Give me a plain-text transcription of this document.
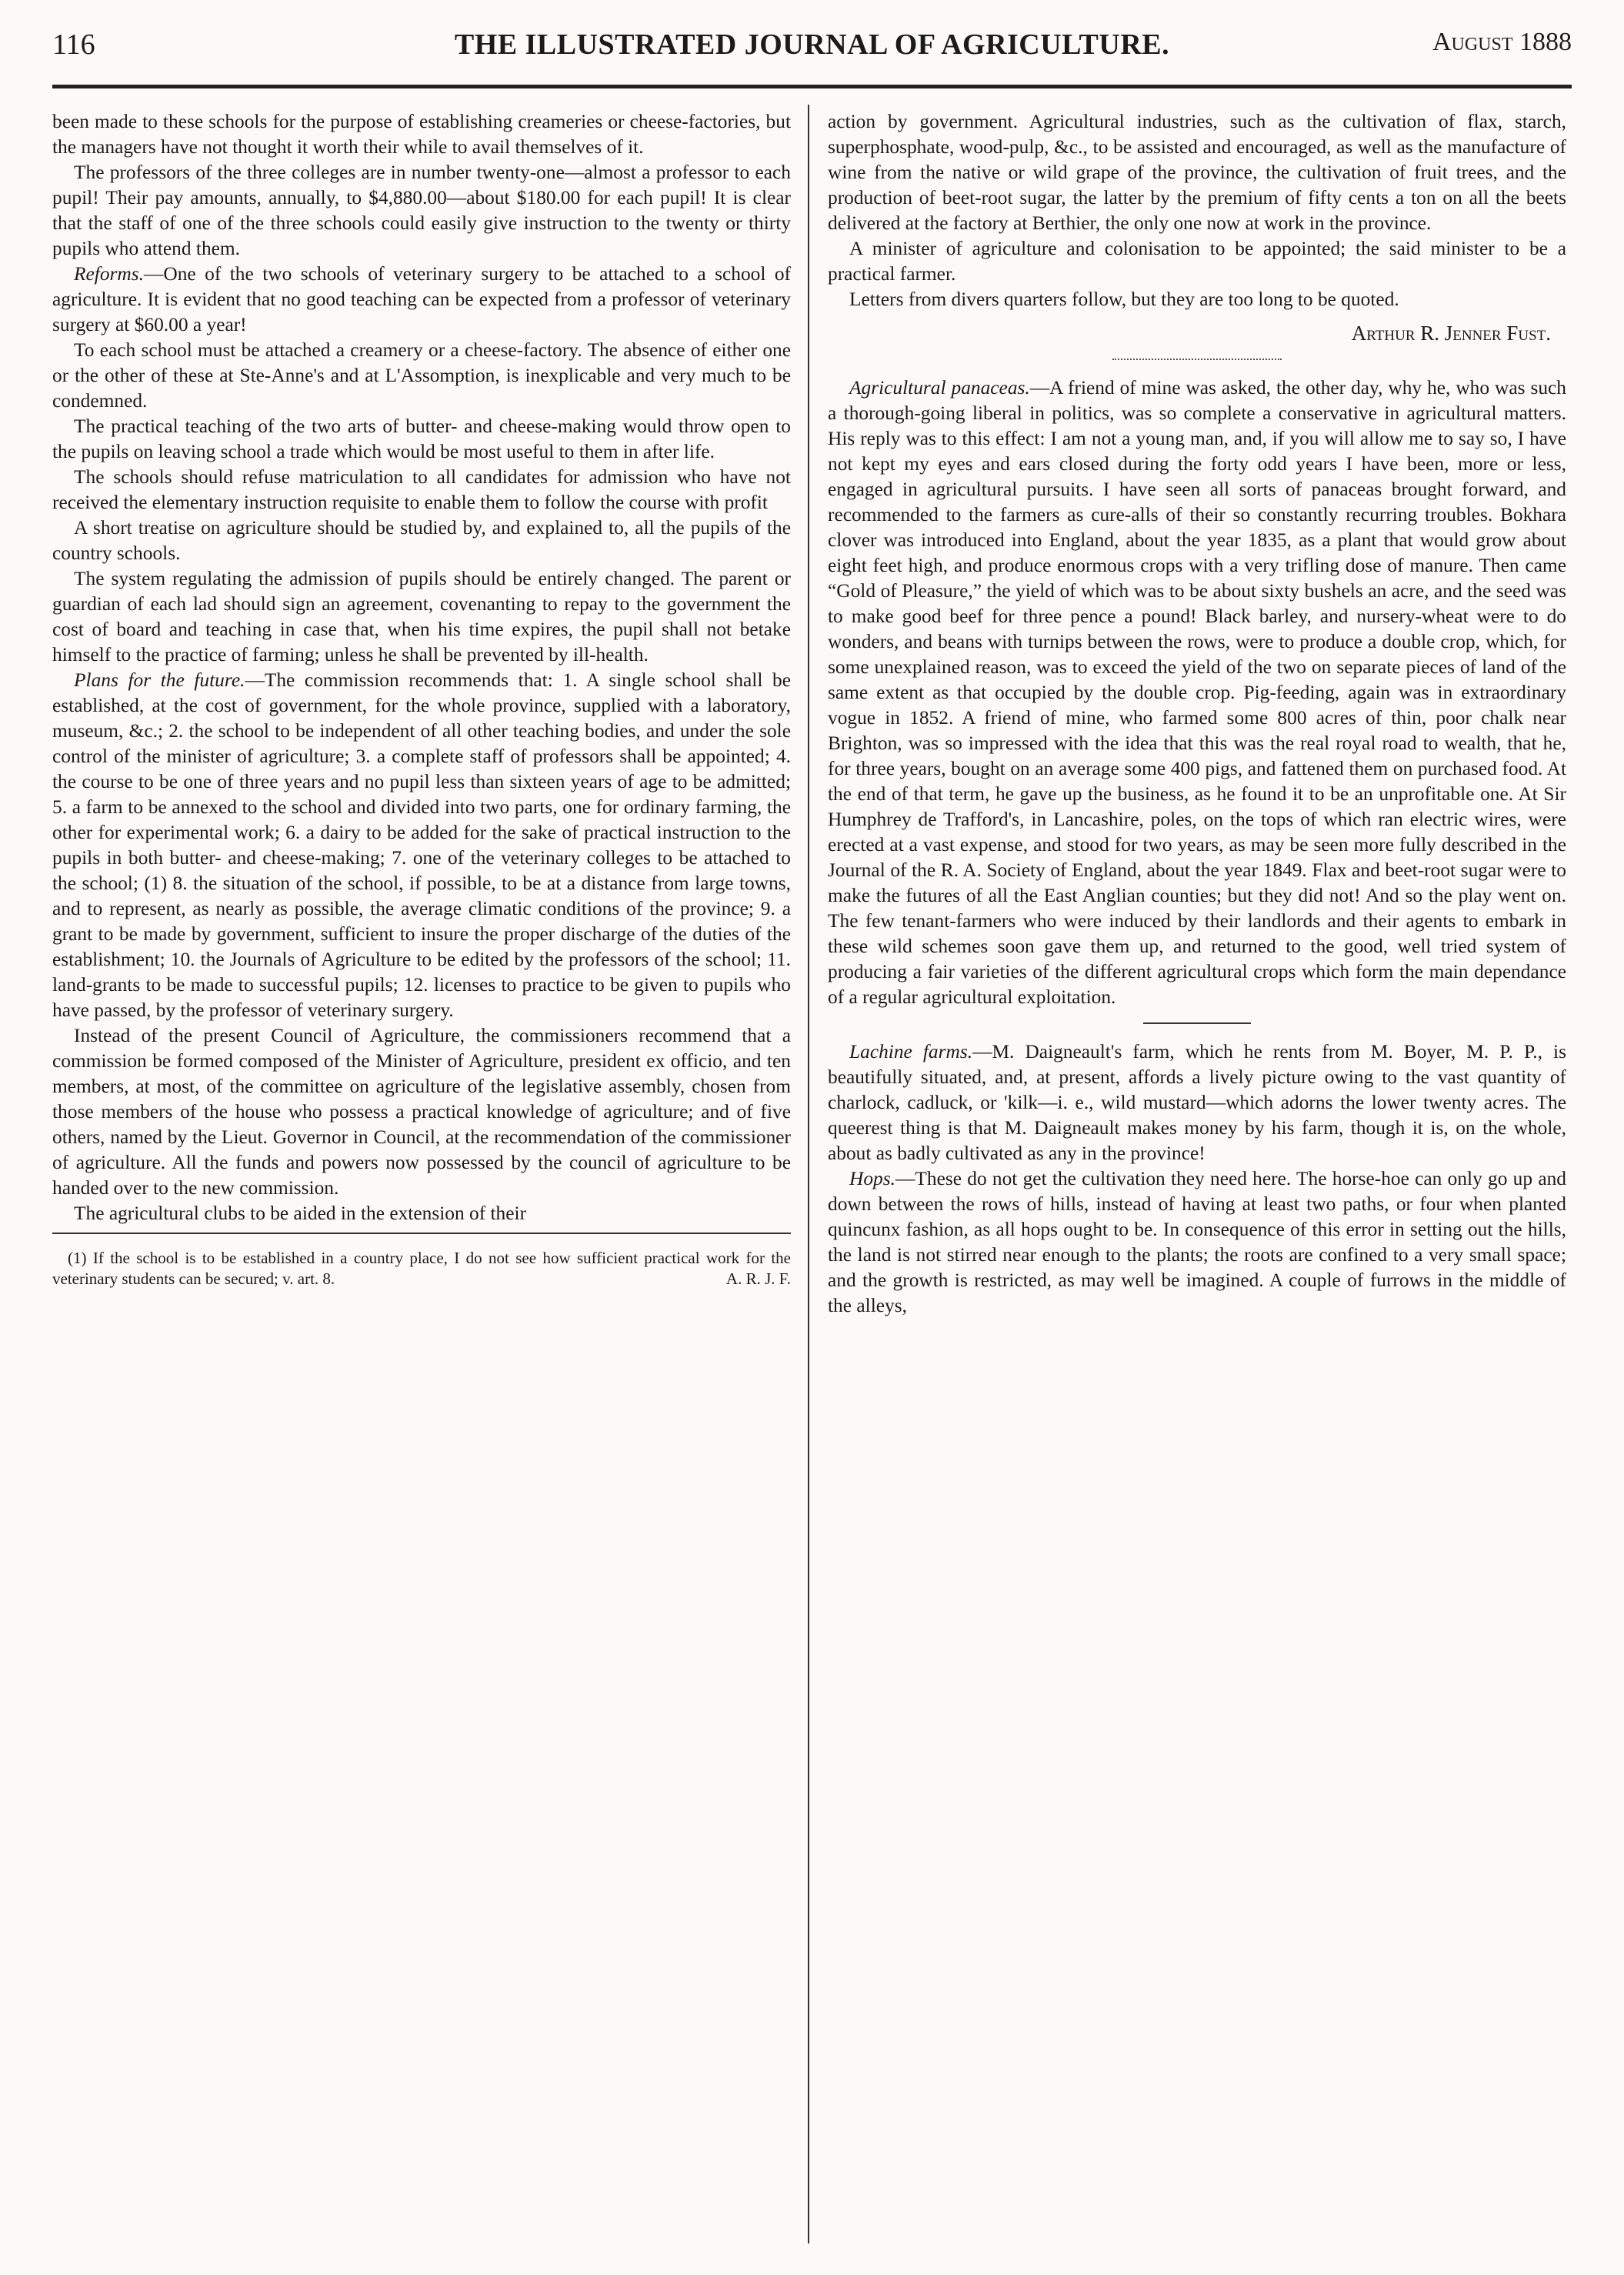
116	THE ILLUSTRATED JOURNAL OF AGRICULTURE.	August 1888

been made to these schools for the purpose of establishing creameries or cheese-factories, but the managers have not thought it worth their while to avail themselves of it.

The professors of the three colleges are in number twenty-one—almost a professor to each pupil! Their pay amounts, annually, to $4,880.00—about $180.00 for each pupil! It is clear that the staff of one of the three schools could easily give instruction to the twenty or thirty pupils who attend them.

Reforms.—One of the two schools of veterinary surgery to be attached to a school of agriculture. It is evident that no good teaching can be expected from a professor of veterinary surgery at $60.00 a year!

To each school must be attached a creamery or a cheese-factory. The absence of either one or the other of these at Ste-Anne's and at L'Assomption, is inexplicable and very much to be condemned.

The practical teaching of the two arts of butter- and cheese-making would throw open to the pupils on leaving school a trade which would be most useful to them in after life.

The schools should refuse matriculation to all candidates for admission who have not received the elementary instruction requisite to enable them to follow the course with profit

A short treatise on agriculture should be studied by, and explained to, all the pupils of the country schools.

The system regulating the admission of pupils should be entirely changed. The parent or guardian of each lad should sign an agreement, covenanting to repay to the government the cost of board and teaching in case that, when his time expires, the pupil shall not betake himself to the practice of farming; unless he shall be prevented by ill-health.

Plans for the future.—The commission recommends that: 1. A single school shall be established, at the cost of government, for the whole province, supplied with a laboratory, museum, &c.; 2. the school to be independent of all other teaching bodies, and under the sole control of the minister of agriculture; 3. a complete staff of professors shall be appointed; 4. the course to be one of three years and no pupil less than sixteen years of age to be admitted; 5. a farm to be annexed to the school and divided into two parts, one for ordinary farming, the other for experimental work; 6. a dairy to be added for the sake of practical instruction to the pupils in both butter- and cheese-making; 7. one of the veterinary colleges to be attached to the school; (1) 8. the situation of the school, if possible, to be at a distance from large towns, and to represent, as nearly as possible, the average climatic conditions of the province; 9. a grant to be made by government, sufficient to insure the proper discharge of the duties of the establishment; 10. the Journals of Agriculture to be edited by the professors of the school; 11. land-grants to be made to successful pupils; 12. licenses to practice to be given to pupils who have passed, by the professor of veterinary surgery.

Instead of the present Council of Agriculture, the commissioners recommend that a commission be formed composed of the Minister of Agriculture, president ex officio, and ten members, at most, of the committee on agriculture of the legislative assembly, chosen from those members of the house who possess a practical knowledge of agriculture; and of five others, named by the Lieut. Governor in Council, at the recommendation of the commissioner of agriculture. All the funds and powers now possessed by the council of agriculture to be handed over to the new commission.

The agricultural clubs to be aided in the extension of their

(1) If the school is to be established in a country place, I do not see how sufficient practical work for the veterinary students can be secured; v. art. 8.	A. R. J. F.

action by government. Agricultural industries, such as the cultivation of flax, starch, superphosphate, wood-pulp, &c., to be assisted and encouraged, as well as the manufacture of wine from the native or wild grape of the province, the cultivation of fruit trees, and the production of beet-root sugar, the latter by the premium of fifty cents a ton on all the beets delivered at the factory at Berthier, the only one now at work in the province.

A minister of agriculture and colonisation to be appointed; the said minister to be a practical farmer.

Letters from divers quarters follow, but they are too long to be quoted.

Arthur R. Jenner Fust.

Agricultural panaceas.—A friend of mine was asked, the other day, why he, who was such a thorough-going liberal in politics, was so complete a conservative in agricultural matters. His reply was to this effect: I am not a young man, and, if you will allow me to say so, I have not kept my eyes and ears closed during the forty odd years I have been, more or less, engaged in agricultural pursuits. I have seen all sorts of panaceas brought forward, and recommended to the farmers as cure-alls of their so constantly recurring troubles. Bokhara clover was introduced into England, about the year 1835, as a plant that would grow about eight feet high, and produce enormous crops with a very trifling dose of manure. Then came “Gold of Pleasure,” the yield of which was to be about sixty bushels an acre, and the seed was to make good beef for three pence a pound! Black barley, and nursery-wheat were to do wonders, and beans with turnips between the rows, were to produce a double crop, which, for some unexplained reason, was to exceed the yield of the two on separate pieces of land of the same extent as that occupied by the double crop. Pig-feeding, again was in extraordinary vogue in 1852. A friend of mine, who farmed some 800 acres of thin, poor chalk near Brighton, was so impressed with the idea that this was the real royal road to wealth, that he, for three years, bought on an average some 400 pigs, and fattened them on purchased food. At the end of that term, he gave up the business, as he found it to be an unprofitable one. At Sir Humphrey de Trafford's, in Lancashire, poles, on the tops of which ran electric wires, were erected at a vast expense, and stood for two years, as may be seen more fully described in the Journal of the R. A. Society of England, about the year 1849. Flax and beet-root sugar were to make the futures of all the East Anglian counties; but they did not! And so the play went on. The few tenant-farmers who were induced by their landlords and their agents to embark in these wild schemes soon gave them up, and returned to the good, well tried system of producing a fair varieties of the different agricultural crops which form the main dependance of a regular agricultural exploitation.

Lachine farms.—M. Daigneault's farm, which he rents from M. Boyer, M. P. P., is beautifully situated, and, at present, affords a lively picture owing to the vast quantity of charlock, cadluck, or 'kilk—i. e., wild mustard—which adorns the lower twenty acres. The queerest thing is that M. Daigneault makes money by his farm, though it is, on the whole, about as badly cultivated as any in the province!

Hops.—These do not get the cultivation they need here. The horse-hoe can only go up and down between the rows of hills, instead of having at least two paths, or four when planted quincunx fashion, as all hops ought to be. In consequence of this error in setting out the hills, the land is not stirred near enough to the plants; the roots are confined to a very small space; and the growth is restricted, as may well be imagined. A couple of furrows in the middle of the alleys,
